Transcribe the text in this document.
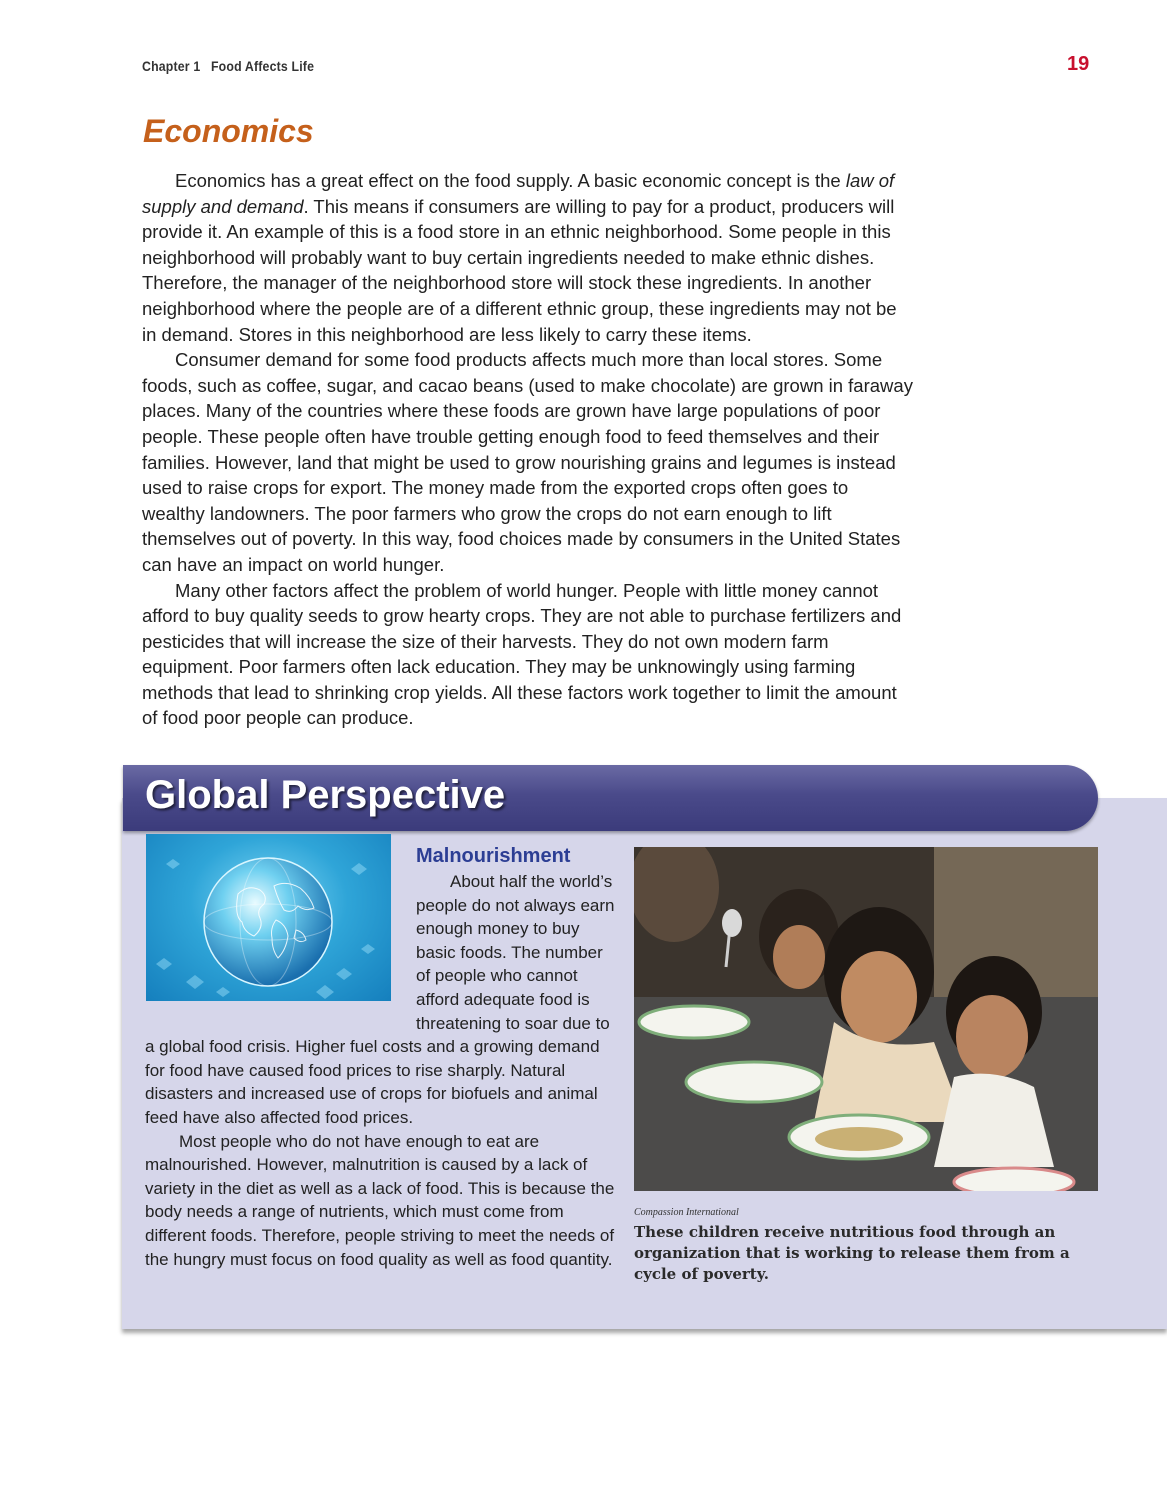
Chapter 1 Food Affects Life	19
Economics

Economics has a great effect on the food supply. A basic economic concept is the law of supply and demand. This means if consumers are willing to pay for a product, producers will provide it. An example of this is a food store in an ethnic neighborhood. Some people in this neighborhood will probably want to buy certain ingredients needed to make ethnic dishes. Therefore, the manager of the neighborhood store will stock these ingredients. In another neighborhood where the people are of a different ethnic group, these ingredients may not be in demand. Stores in this neighborhood are less likely to carry these items.

Consumer demand for some food products affects much more than local stores. Some foods, such as coffee, sugar, and cacao beans (used to make chocolate) are grown in faraway places. Many of the countries where these foods are grown have large populations of poor people. These people often have trouble getting enough food to feed themselves and their families. However, land that might be used to grow nourishing grains and legumes is instead used to raise crops for export. The money made from the exported crops often goes to wealthy landowners. The poor farmers who grow the crops do not earn enough to lift themselves out of poverty. In this way, food choices made by consumers in the United States can have an impact on world hunger.

Many other factors affect the problem of world hunger. People with little money cannot afford to buy quality seeds to grow hearty crops. They are not able to purchase fertilizers and pesticides that will increase the size of their harvests. They do not own modern farm equipment. Poor farmers often lack education. They may be unknowingly using farming methods that lead to shrinking crop yields. All these factors work together to limit the amount of food poor people can produce.

Global Perspective
Malnourishment

About half the world’s people do not always earn enough money to buy basic foods. The number of people who cannot afford adequate food is threatening to soar due to a global food crisis. Higher fuel costs and a growing demand for food have caused food prices to rise sharply. Natural disasters and increased use of crops for biofuels and animal feed have also affected food prices.

Most people who do not have enough to eat are malnourished. However, malnutrition is caused by a lack of variety in the diet as well as a lack of food. This is because the body needs a range of nutrients, which must come from different foods. Therefore, people striving to meet the needs of the hungry must focus on food quality as well as food quantity.

Compassion International

These children receive nutritious food through an organization that is working to release them from a cycle of poverty.
